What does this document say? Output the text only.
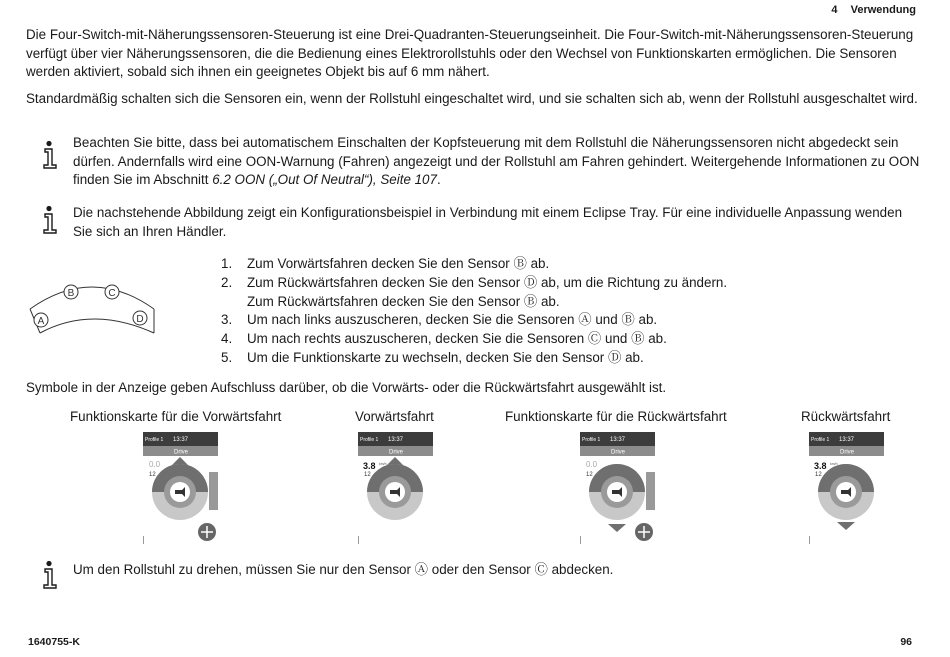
4 Verwendung

Die Four-Switch-mit-Näherungssensoren-Steuerung ist eine Drei-Quadranten-Steuerungseinheit. Die Four-Switch-mit-Näherungssensoren-Steuerung verfügt über vier Näherungssensoren, die die Bedienung eines Elektrorollstuhls oder den Wechsel von Funktionskarten ermöglichen. Die Sensoren werden aktiviert, sobald sich ihnen ein geeignetes Objekt bis auf 6 mm nähert.

Standardmäßig schalten sich die Sensoren ein, wenn der Rollstuhl eingeschaltet wird, und sie schalten sich ab, wenn der Rollstuhl ausgeschaltet wird.

Beachten Sie bitte, dass bei automatischem Einschalten der Kopfsteuerung mit dem Rollstuhl die Näherungssensoren nicht abgedeckt sein dürfen. Andernfalls wird eine OON-Warnung (Fahren) angezeigt und der Rollstuhl am Fahren gehindert. Weitergehende Informationen zu OON finden Sie im Abschnitt 6.2 OON („Out Of Neutral“), Seite 107.

Die nachstehende Abbildung zeigt ein Konfigurationsbeispiel in Verbindung mit einem Eclipse Tray. Für eine individuelle Anpassung wenden Sie sich an Ihren Händler.

A
B	C
D
1.	Zum Vorwärtsfahren decken Sie den Sensor Ⓑ ab.
2.	Zum Rückwärtsfahren decken Sie den Sensor Ⓓ ab, um die Richtung zu ändern.
Zum Rückwärtsfahren decken Sie den Sensor Ⓑ ab.
3.	Um nach links auszuscheren, decken Sie die Sensoren Ⓐ und Ⓑ ab.
4.	Um nach rechts auszuscheren, decken Sie die Sensoren Ⓒ und Ⓑ ab.
5.	Um die Funktionskarte zu wechseln, decken Sie den Sensor Ⓓ ab.

Symbole in der Anzeige geben Aufschluss darüber, ob die Vorwärts- oder die Rückwärtsfahrt ausgewählt ist.

Funktionskarte für die Vorwärtsfahrt	Vorwärtsfahrt	Funktionskarte für die Rückwärtsfahrt	Rückwärtsfahrt
Profile 1 13:37
Drive
0.0
12
Profile 1 13:37
Drive
3.8 km/h
12
Profile 1 13:37
Drive
0.0
12
Profile 1 13:37
Drive
3.8 km/h
12

Um den Rollstuhl zu drehen, müssen Sie nur den Sensor Ⓐ oder den Sensor Ⓒ abdecken.

1640755-K	96
